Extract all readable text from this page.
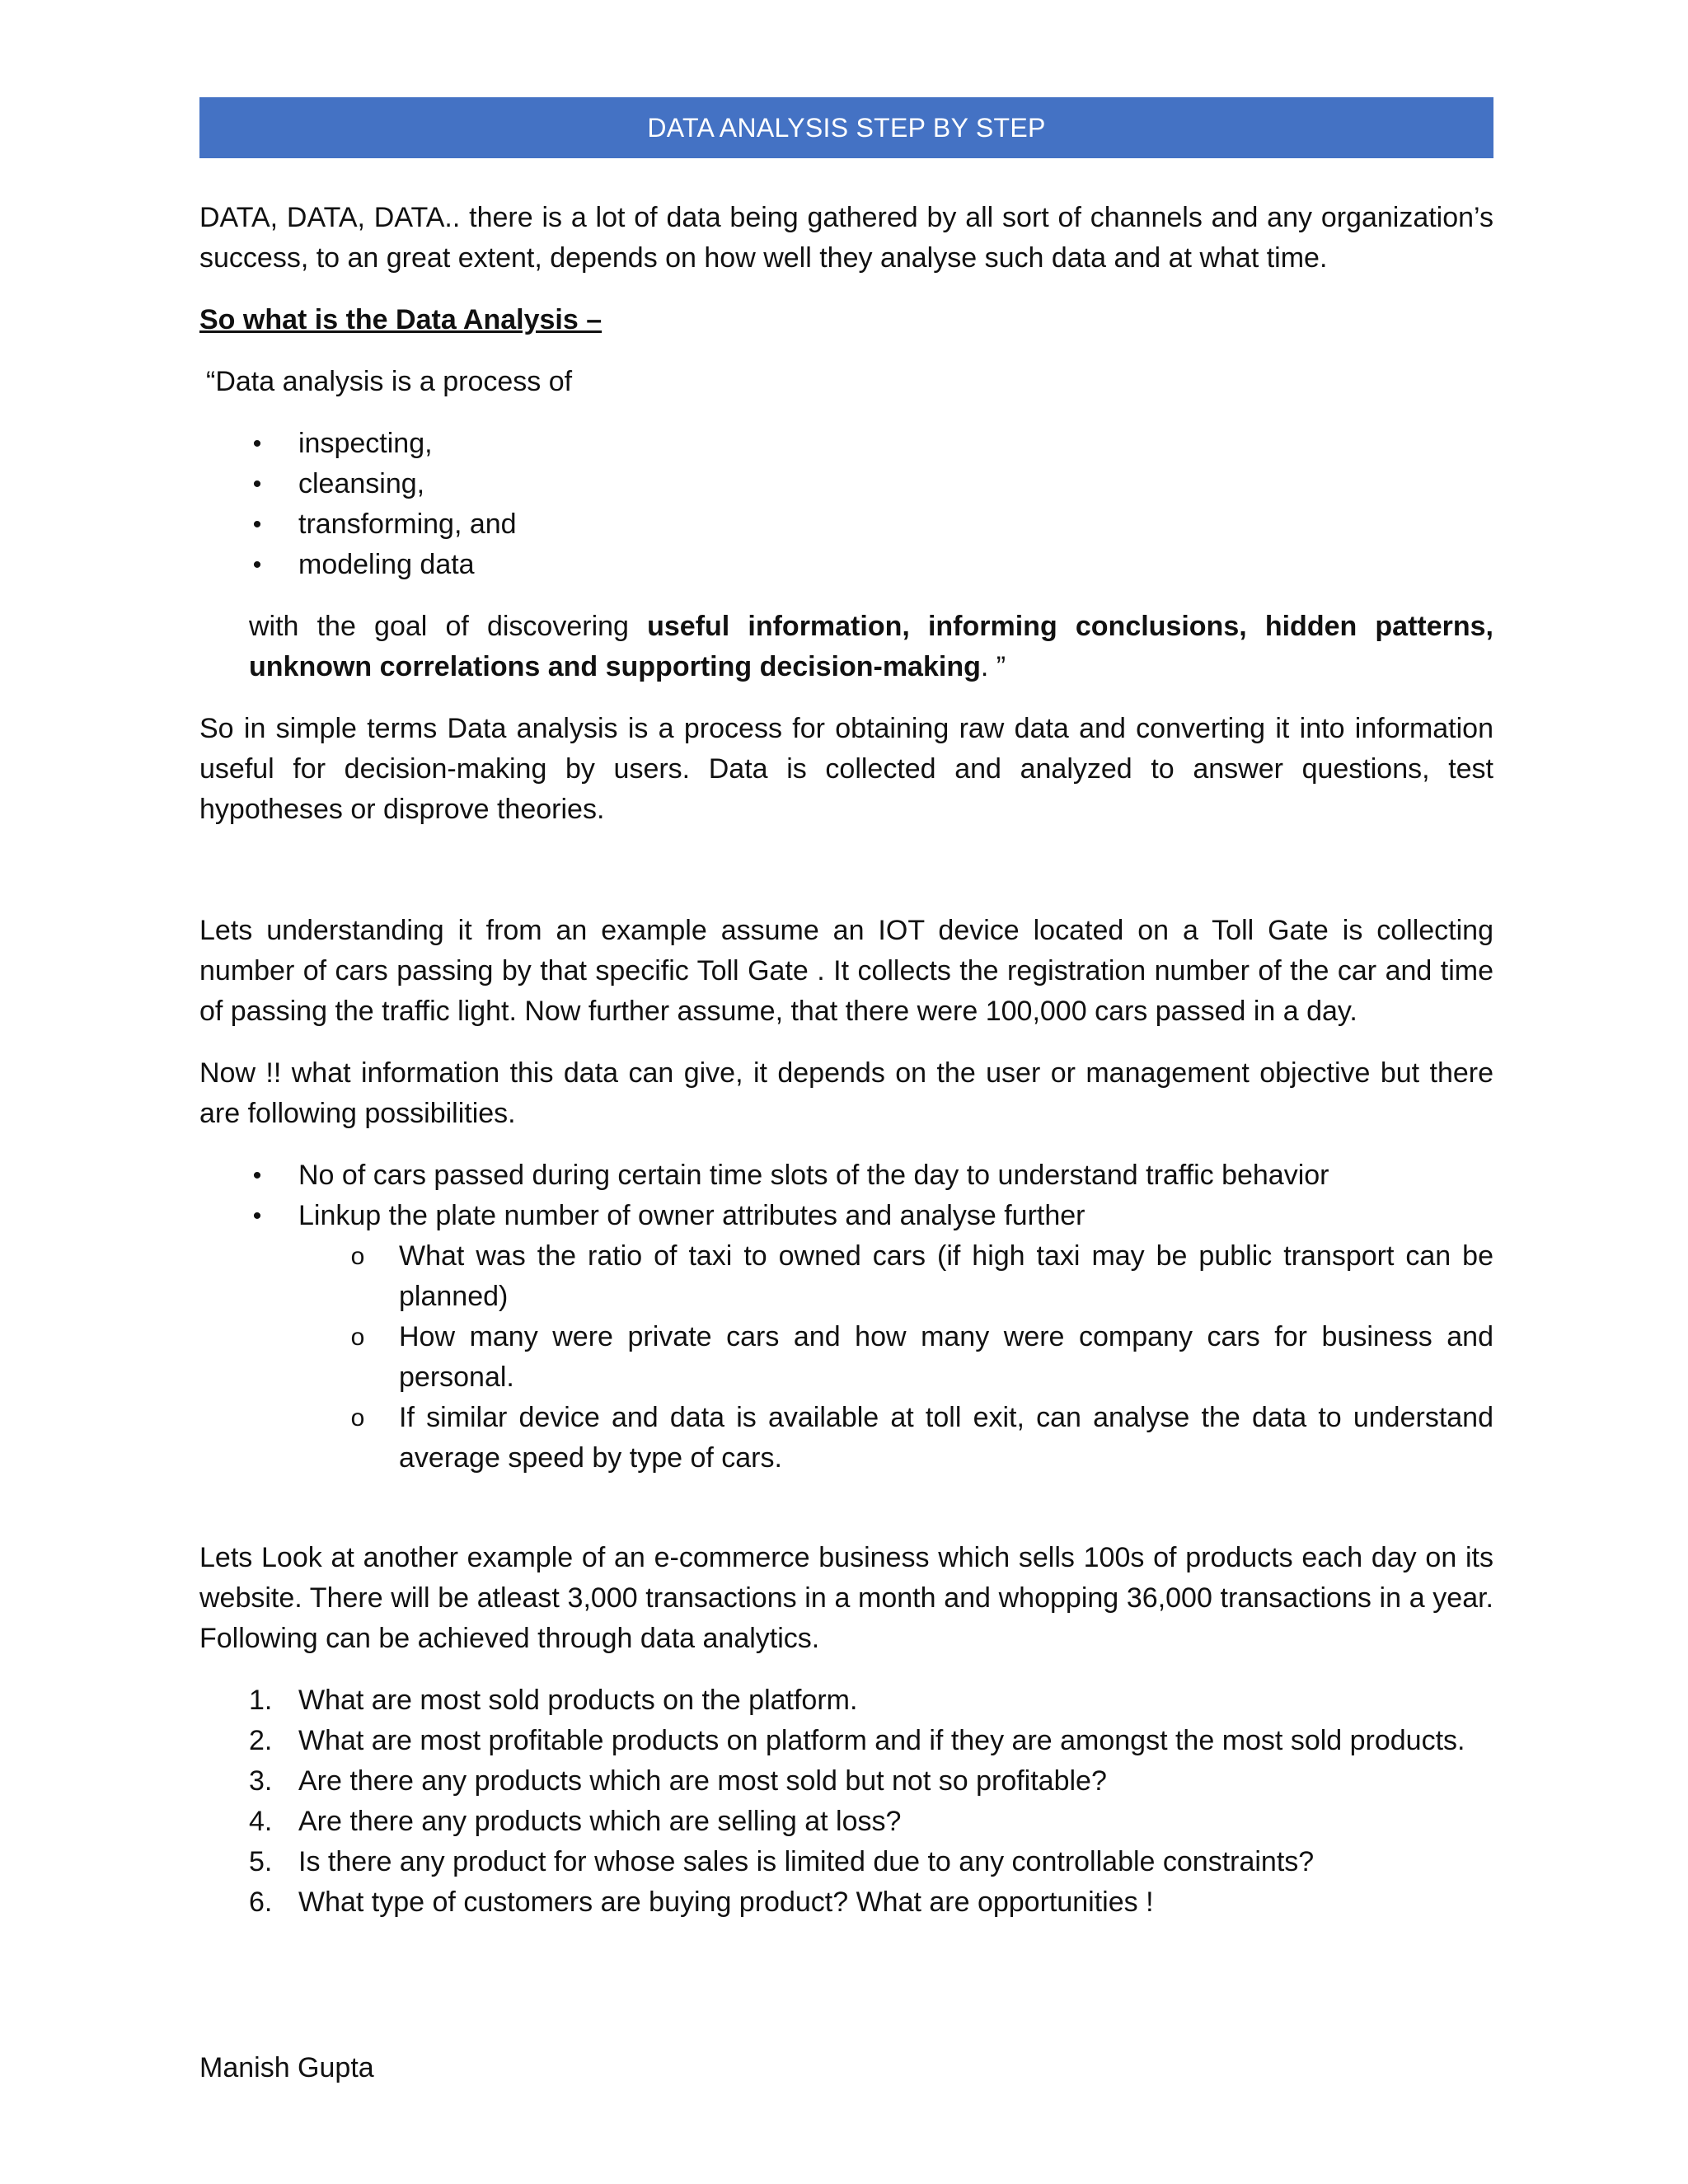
DATA ANALYSIS STEP BY STEP

DATA, DATA, DATA.. there is a lot of data being gathered by all sort of channels and any organization’s success, to an great extent, depends on how well they analyse such data and at what time.

So what is the Data Analysis –

“Data analysis is a process of

• inspecting,
• cleansing,
• transforming, and
• modeling data

with the goal of discovering useful information, informing conclusions, hidden patterns, unknown correlations and supporting decision-making. ”

So in simple terms Data analysis is a process for obtaining raw data and converting it into information useful for decision-making by users. Data is collected and analyzed to answer questions, test hypotheses or disprove theories.

Lets understanding it from an example assume an IOT device located on a Toll Gate is collecting number of cars passing by that specific Toll Gate . It collects the registration number of the car and time of passing the traffic light. Now further assume, that there were 100,000 cars passed in a day.

Now !! what information this data can give, it depends on the user or management objective but there are following possibilities.

• No of cars passed during certain time slots of the day to understand traffic behavior
• Linkup the plate number of owner attributes and analyse further
o What was the ratio of taxi to owned cars (if high taxi may be public transport can be planned)
o How many were private cars and how many were company cars for business and personal.
o If similar device and data is available at toll exit, can analyse the data to understand average speed by type of cars.

Lets Look at another example of an e-commerce business which sells 100s of products each day on its website. There will be atleast 3,000 transactions in a month and whopping 36,000 transactions in a year. Following can be achieved through data analytics.

1. What are most sold products on the platform.
2. What are most profitable products on platform and if they are amongst the most sold products.
3. Are there any products which are most sold but not so profitable?
4. Are there any products which are selling at loss?
5. Is there any product for whose sales is limited due to any controllable constraints?
6. What type of customers are buying product? What are opportunities !
Manish Gupta
